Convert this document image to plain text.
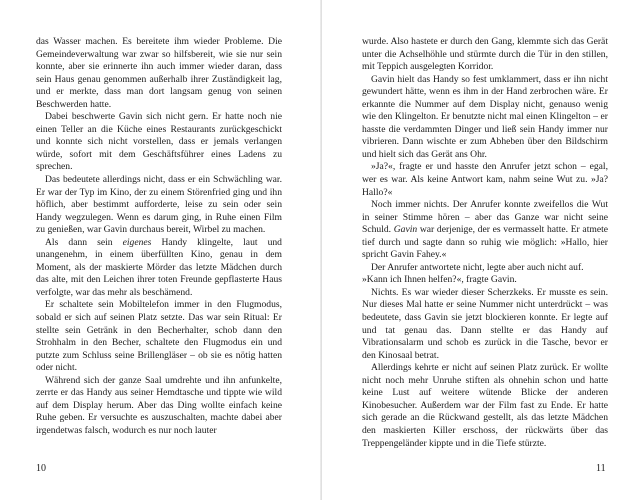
das Wasser machen. Es bereitete ihm wieder Probleme. Die Gemeindeverwaltung war zwar so hilfsbereit, wie sie nur sein konnte, aber sie erinnerte ihn auch immer wieder daran, dass sein Haus genau genommen außerhalb ihrer Zuständigkeit lag, und er merkte, dass man dort langsam genug von seinen Beschwerden hatte.

Dabei beschwerte Gavin sich nicht gern. Er hatte noch nie einen Teller an die Küche eines Restaurants zurückgeschickt und konnte sich nicht vorstellen, dass er jemals verlangen würde, sofort mit dem Geschäftsführer eines Ladens zu sprechen.

Das bedeutete allerdings nicht, dass er ein Schwächling war. Er war der Typ im Kino, der zu einem Störenfried ging und ihn höflich, aber bestimmt aufforderte, leise zu sein oder sein Handy wegzulegen. Wenn es darum ging, in Ruhe einen Film zu genießen, war Gavin durchaus bereit, Wirbel zu machen.

Als dann sein eigenes Handy klingelte, laut und unangenehm, in einem überfüllten Kino, genau in dem Moment, als der maskierte Mörder das letzte Mädchen durch das alte, mit den Leichen ihrer toten Freunde gepflasterte Haus verfolgte, war das mehr als beschämend.

Er schaltete sein Mobiltelefon immer in den Flugmodus, sobald er sich auf seinen Platz setzte. Das war sein Ritual: Er stellte sein Getränk in den Becherhalter, schob dann den Strohhalm in den Becher, schaltete den Flugmodus ein und putzte zum Schluss seine Brillengläser – ob sie es nötig hatten oder nicht.

Während sich der ganze Saal umdrehte und ihn anfunkelte, zerrte er das Handy aus seiner Hemdtasche und tippte wie wild auf dem Display herum. Aber das Ding wollte einfach keine Ruhe geben. Er versuchte es auszuschalten, machte dabei aber irgendetwas falsch, wodurch es nur noch lauter

10

wurde. Also hastete er durch den Gang, klemmte sich das Gerät unter die Achselhöhle und stürmte durch die Tür in den stillen, mit Teppich ausgelegten Korridor.

Gavin hielt das Handy so fest umklammert, dass er ihn nicht gewundert hätte, wenn es ihm in der Hand zerbrochen wäre. Er erkannte die Nummer auf dem Display nicht, genauso wenig wie den Klingelton. Er benutzte nicht mal einen Klingelton – er hasste die verdammten Dinger und ließ sein Handy immer nur vibrieren. Dann wischte er zum Abheben über den Bildschirm und hielt sich das Gerät ans Ohr.

»Ja?«, fragte er und hasste den Anrufer jetzt schon – egal, wer es war. Als keine Antwort kam, nahm seine Wut zu. »Ja? Hallo?«

Noch immer nichts. Der Anrufer konnte zweifellos die Wut in seiner Stimme hören – aber das Ganze war nicht seine Schuld. Gavin war derjenige, der es vermasselt hatte. Er atmete tief durch und sagte dann so ruhig wie möglich: »Hallo, hier spricht Gavin Fahey.«

Der Anrufer antwortete nicht, legte aber auch nicht auf.

»Kann ich Ihnen helfen?«, fragte Gavin.

Nichts. Es war wieder dieser Scherzkeks. Er musste es sein. Nur dieses Mal hatte er seine Nummer nicht unterdrückt – was bedeutete, dass Gavin sie jetzt blockieren konnte. Er legte auf und tat genau das. Dann stellte er das Handy auf Vibrationsalarm und schob es zurück in die Tasche, bevor er den Kinosaal betrat.

Allerdings kehrte er nicht auf seinen Platz zurück. Er wollte nicht noch mehr Unruhe stiften als ohnehin schon und hatte keine Lust auf weitere wütende Blicke der anderen Kinobesucher. Außerdem war der Film fast zu Ende. Er hatte sich gerade an die Rückwand gestellt, als das letzte Mädchen den maskierten Killer erschoss, der rückwärts über das Treppengeländer kippte und in die Tiefe stürzte.

11
